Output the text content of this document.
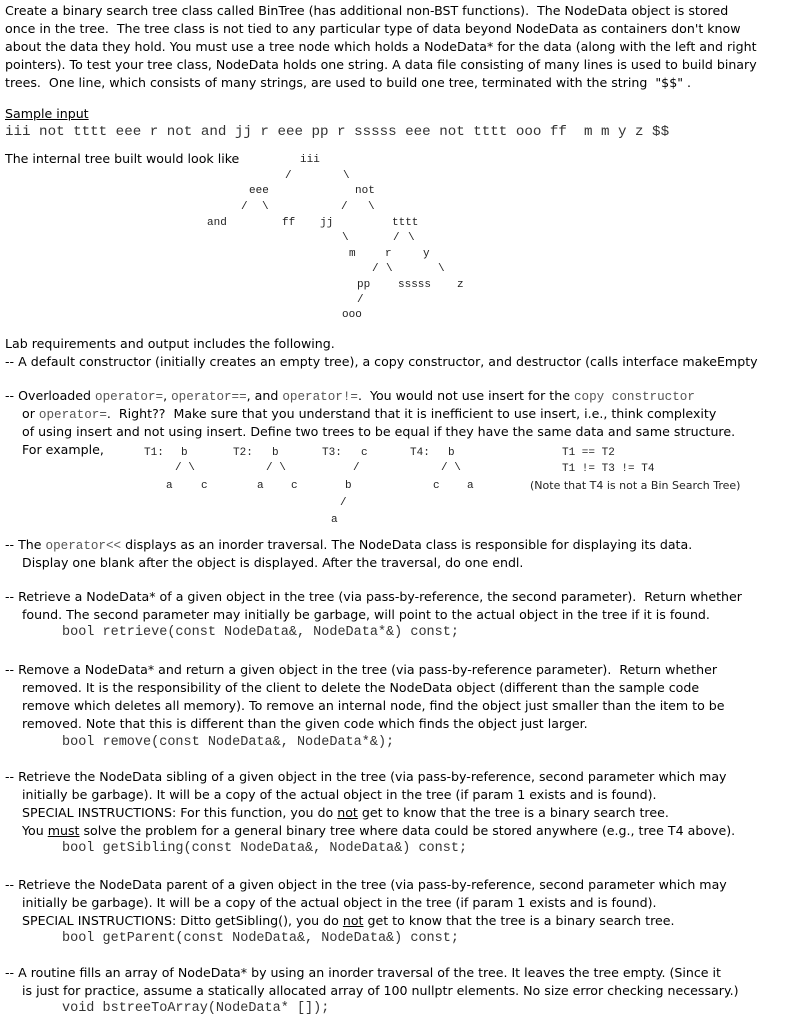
Create a binary search tree class called BinTree (has additional non-BST functions).  The NodeData object is stored
once in the tree.  The tree class is not tied to any particular type of data beyond NodeData as containers don't know
about the data they hold. You must use a tree node which holds a NodeData* for the data (along with the left and right
pointers). To test your tree class, NodeData holds one string. A data file consisting of many lines is used to build binary
trees.  One line, which consists of many strings, are used to build one tree, terminated with the string  "$$" .
Sample input
iii not tttt eee r not and jj r eee pp r sssss eee not tttt ooo ff  m m y z $$
The internal tree built would look like	iii
/	\
eee	not
/ \	/ \
and	ff jj	tttt
\	/ \
m	r	y
/ \	\
pp	sssss z
/
ooo
Lab requirements and output includes the following.
-- A default constructor (initially creates an empty tree), a copy constructor, and destructor (calls interface makeEmpty
-- Overloaded operator=, operator==, and operator!=.  You would not use insert for the copy constructor
or operator=.  Right??  Make sure that you understand that it is inefficient to use insert, i.e., think complexity
of using insert and not using insert. Define two trees to be equal if they have the same data and same structure.
For example,	T1: b
/ \
a	c
T2: b
/ \
a c
T3: c
/
b
/
a
T4: b
/ \
c a
T1 == T2
T1 != T3 != T4
(Note that T4 is not a Bin Search Tree)
-- The operator<< displays as an inorder traversal. The NodeData class is responsible for displaying its data.
Display one blank after the object is displayed. After the traversal, do one endl.
-- Retrieve a NodeData* of a given object in the tree (via pass-by-reference, the second parameter).  Return whether
found. The second parameter may initially be garbage, will point to the actual object in the tree if it is found.
bool retrieve(const NodeData&, NodeData*&) const;
-- Remove a NodeData* and return a given object in the tree (via pass-by-reference parameter).  Return whether
removed. It is the responsibility of the client to delete the NodeData object (different than the sample code
remove which deletes all memory). To remove an internal node, find the object just smaller than the item to be
removed. Note that this is different than the given code which finds the object just larger.
bool remove(const NodeData&, NodeData*&);
-- Retrieve the NodeData sibling of a given object in the tree (via pass-by-reference, second parameter which may
initially be garbage). It will be a copy of the actual object in the tree (if param 1 exists and is found).
SPECIAL INSTRUCTIONS: For this function, you do not get to know that the tree is a binary search tree.
You must solve the problem for a general binary tree where data could be stored anywhere (e.g., tree T4 above).
bool getSibling(const NodeData&, NodeData&) const;
-- Retrieve the NodeData parent of a given object in the tree (via pass-by-reference, second parameter which may
initially be garbage). It will be a copy of the actual object in the tree (if param 1 exists and is found).
SPECIAL INSTRUCTIONS: Ditto getSibling(), you do not get to know that the tree is a binary search tree.
bool getParent(const NodeData&, NodeData&) const;
-- A routine fills an array of NodeData* by using an inorder traversal of the tree. It leaves the tree empty. (Since it
is just for practice, assume a statically allocated array of 100 nullptr elements. No size error checking necessary.)
void bstreeToArray(NodeData* []);
